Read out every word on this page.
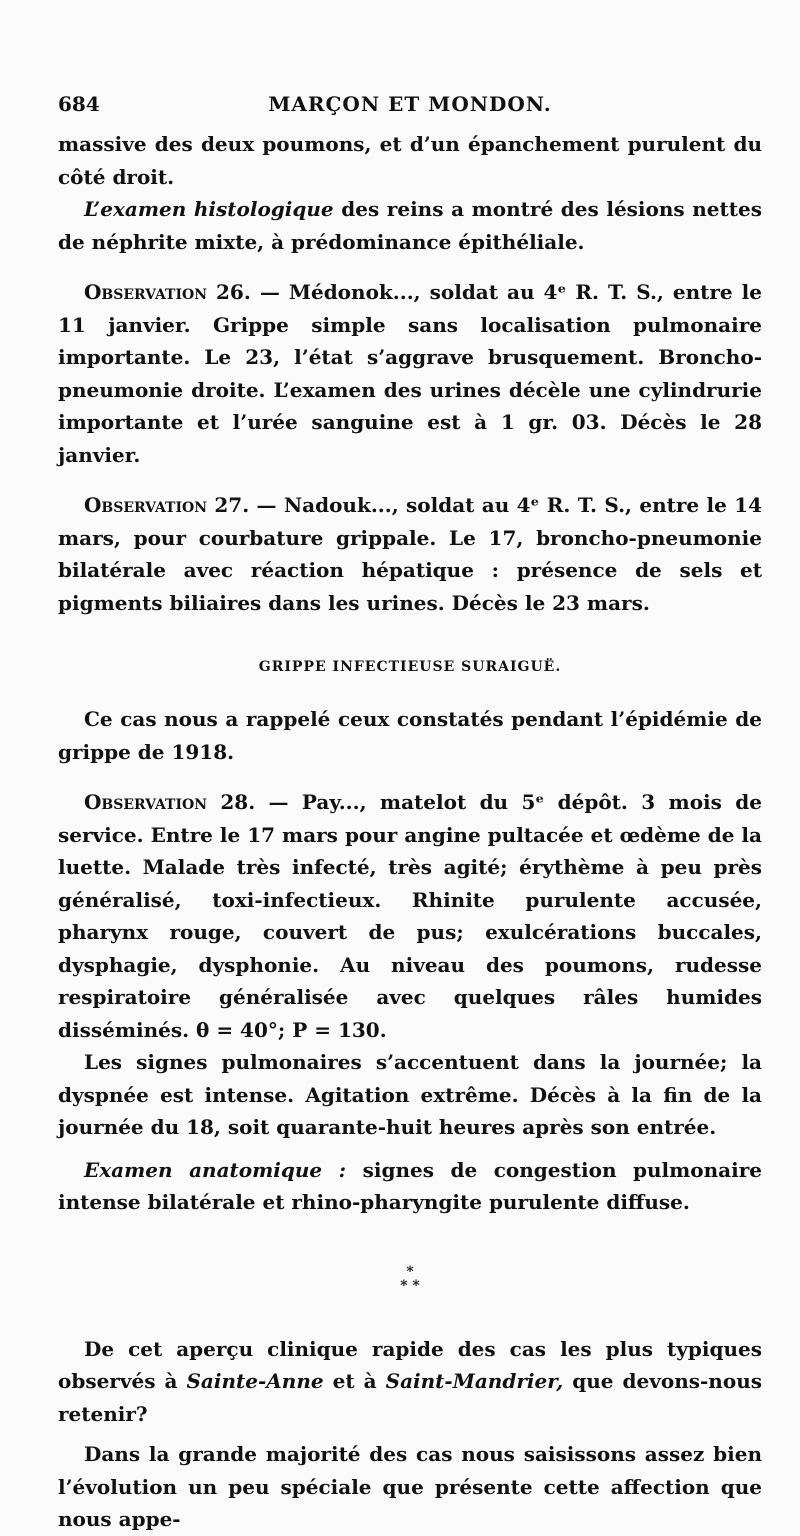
684	MARÇON ET MONDON.

massive des deux poumons, et d’un épanchement purulent du côté droit.

L’examen histologique des reins a montré des lésions nettes de néphrite mixte, à prédominance épithéliale.

Observation 26. — Médonok..., soldat au 4ᵉ R. T. S., entre le 11 janvier. Grippe simple sans localisation pulmonaire importante. Le 23, l’état s’aggrave brusquement. Broncho-pneumonie droite. L’examen des urines décèle une cylindrurie importante et l’urée sanguine est à 1 gr. 03. Décès le 28 janvier.

Observation 27. — Nadouk..., soldat au 4ᵉ R. T. S., entre le 14 mars, pour courbature grippale. Le 17, broncho-pneumonie bilatérale avec réaction hépatique : présence de sels et pigments biliaires dans les urines. Décès le 23 mars.

GRIPPE INFECTIEUSE SURAIGUË.

Ce cas nous a rappelé ceux constatés pendant l’épidémie de grippe de 1918.

Observation 28. — Pay..., matelot du 5ᵉ dépôt. 3 mois de service. Entre le 17 mars pour angine pultacée et œdème de la luette. Malade très infecté, très agité; érythème à peu près généralisé, toxi-infectieux. Rhinite purulente accusée, pharynx rouge, couvert de pus; exulcérations buccales, dysphagie, dysphonie. Au niveau des poumons, rudesse respiratoire généralisée avec quelques râles humides disséminés. θ = 40°; P = 130.

Les signes pulmonaires s’accentuent dans la journée; la dyspnée est intense. Agitation extrême. Décès à la fin de la journée du 18, soit quarante-huit heures après son entrée.

Examen anatomique : signes de congestion pulmonaire intense bilatérale et rhino-pharyngite purulente diffuse.

*
* *

De cet aperçu clinique rapide des cas les plus typiques observés à Sainte-Anne et à Saint-Mandrier, que devons-nous retenir?

Dans la grande majorité des cas nous saisissons assez bien l’évolution un peu spéciale que présente cette affection que nous appe-
